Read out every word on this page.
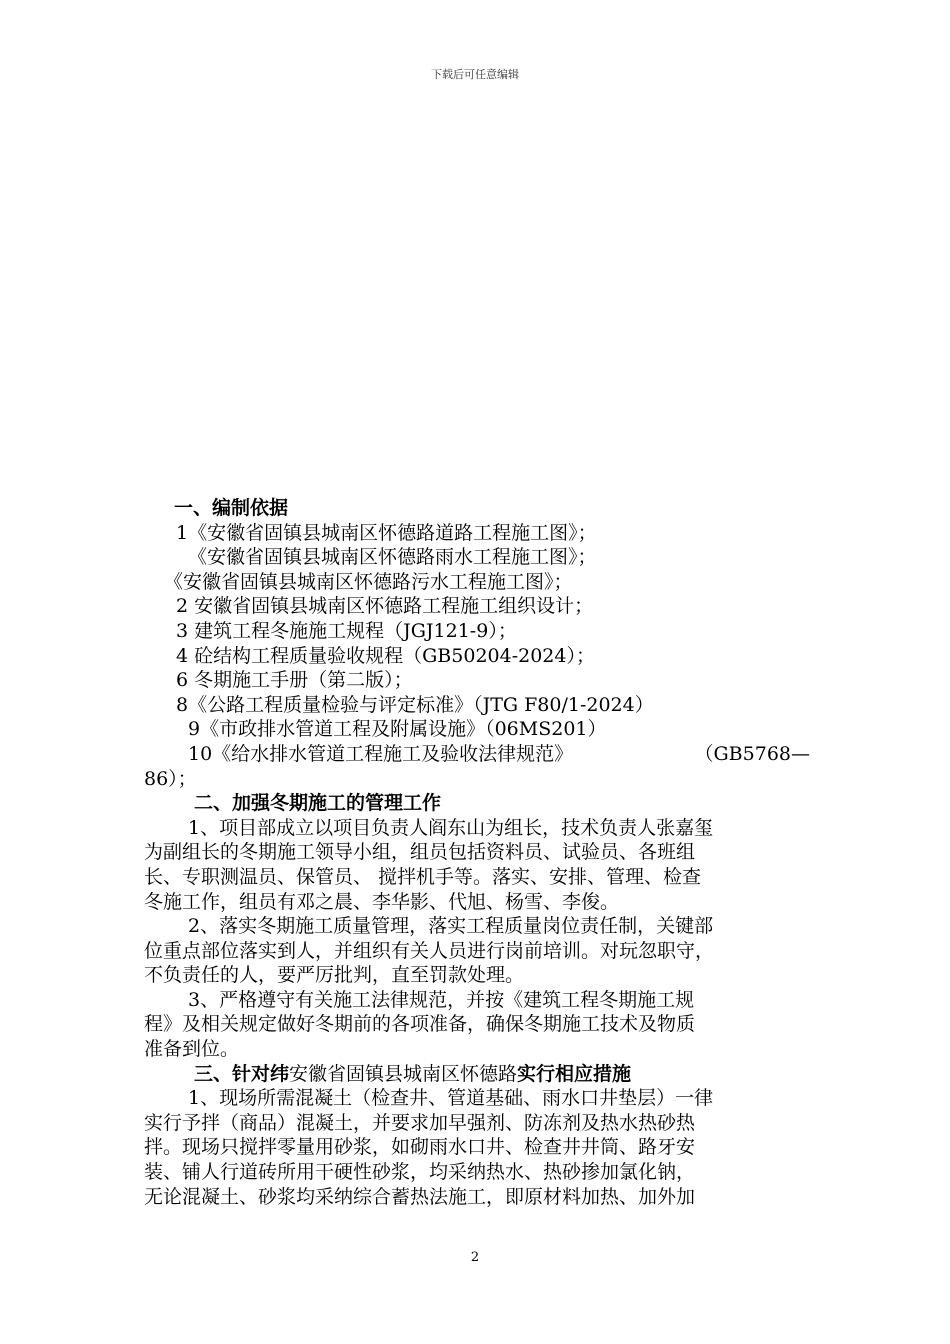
下载后可任意编辑
一、编制依据
1《安徽省固镇县城南区怀德路道路工程施工图》；
《安徽省固镇县城南区怀德路雨水工程施工图》；
《安徽省固镇县城南区怀德路污水工程施工图》；
2 安徽省固镇县城南区怀德路工程施工组织设计；
3 建筑工程冬施施工规程（JGJ121-9）；
4 砼结构工程质量验收规程（GB50204-2024）；
6 冬期施工手册（第二版）；
8《公路工程质量检验与评定标准》（JTG F80/1-2024）
9《市政排水管道工程及附属设施》（06MS201）
10《给水排水管道工程施工及验收法律规范》	（GB5768—
86）；
二、加强冬期施工的管理工作
1、项目部成立以项目负责人阎东山为组长，技术负责人张嘉玺
为副组长的冬期施工领导小组，组员包括资料员、试验员、各班组
长、专职测温员、保管员、 搅拌机手等。落实、安排、管理、检查
冬施工作，组员有邓之晨、李华影、代旭、杨雪、李俊。
2、落实冬期施工质量管理，落实工程质量岗位责任制，关键部
位重点部位落实到人，并组织有关人员进行岗前培训。对玩忽职守，
不负责任的人，要严厉批判，直至罚款处理。
3、严格遵守有关施工法律规范，并按《建筑工程冬期施工规
程》及相关规定做好冬期前的各项准备，确保冬期施工技术及物质
准备到位。
三、针对纬安徽省固镇县城南区怀德路实行相应措施
1、现场所需混凝土（检查井、管道基础、雨水口井垫层）一律
实行予拌（商品）混凝土，并要求加早强剂、防冻剂及热水热砂热
拌。现场只搅拌零量用砂浆，如砌雨水口井、检查井井筒、路牙安
装、铺人行道砖所用干硬性砂浆，均采纳热水、热砂掺加氯化钠，
无论混凝土、砂浆均采纳综合蓄热法施工，即原材料加热、加外加
2
